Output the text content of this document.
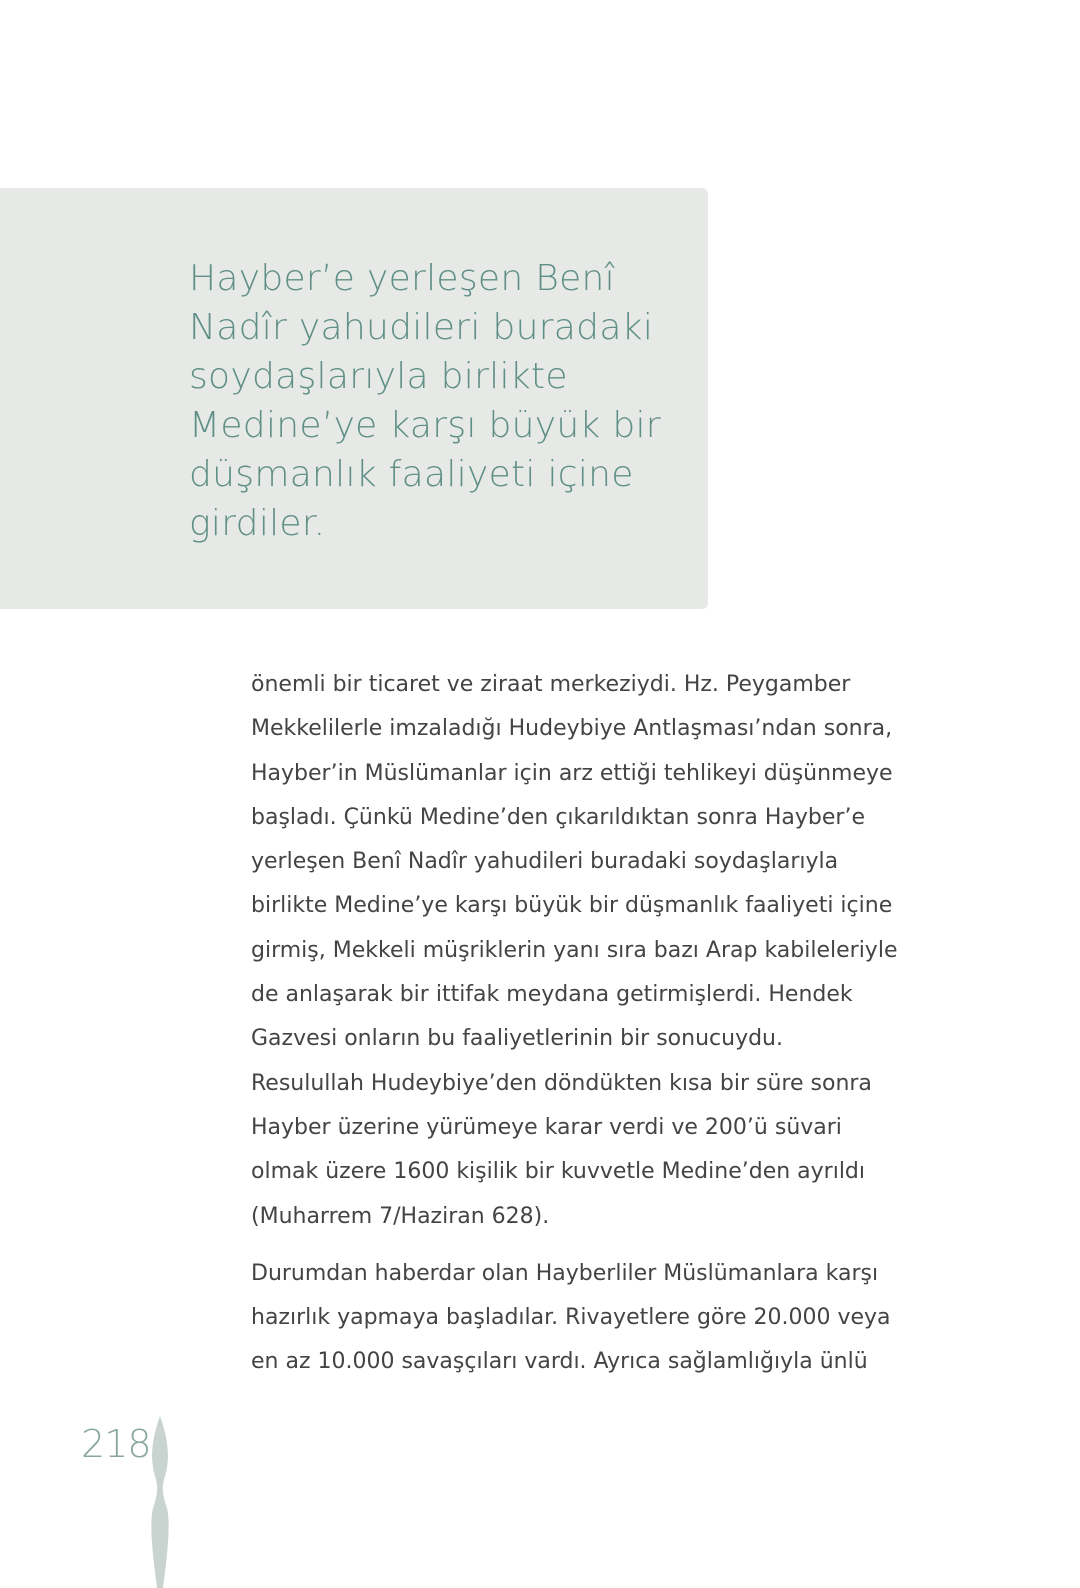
Hayber’e yerleşen Benî
Nadîr yahudileri buradaki
soydaşlarıyla birlikte
Medine’ye karşı büyük bir
düşmanlık faaliyeti içine
girdiler.

önemli bir ticaret ve ziraat merkeziydi. Hz. Peygamber
Mekkelilerle imzaladığı Hudeybiye Antlaşması’ndan sonra,
Hayber’in Müslümanlar için arz ettiği tehlikeyi düşünmeye
başladı. Çünkü Medine’den çıkarıldıktan sonra Hayber’e
yerleşen Benî Nadîr yahudileri buradaki soydaşlarıyla
birlikte Medine’ye karşı büyük bir düşmanlık faaliyeti içine
girmiş, Mekkeli müşriklerin yanı sıra bazı Arap kabileleriyle
de anlaşarak bir ittifak meydana getirmişlerdi. Hendek
Gazvesi onların bu faaliyetlerinin bir sonucuydu.
Resulullah Hudeybiye’den döndükten kısa bir süre sonra
Hayber üzerine yürümeye karar verdi ve 200’ü süvari
olmak üzere 1600 kişilik bir kuvvetle Medine’den ayrıldı
(Muharrem 7/Haziran 628).

Durumdan haberdar olan Hayberliler Müslümanlara karşı
hazırlık yapmaya başladılar. Rivayetlere göre 20.000 veya
en az 10.000 savaşçıları vardı. Ayrıca sağlamlığıyla ünlü

218
